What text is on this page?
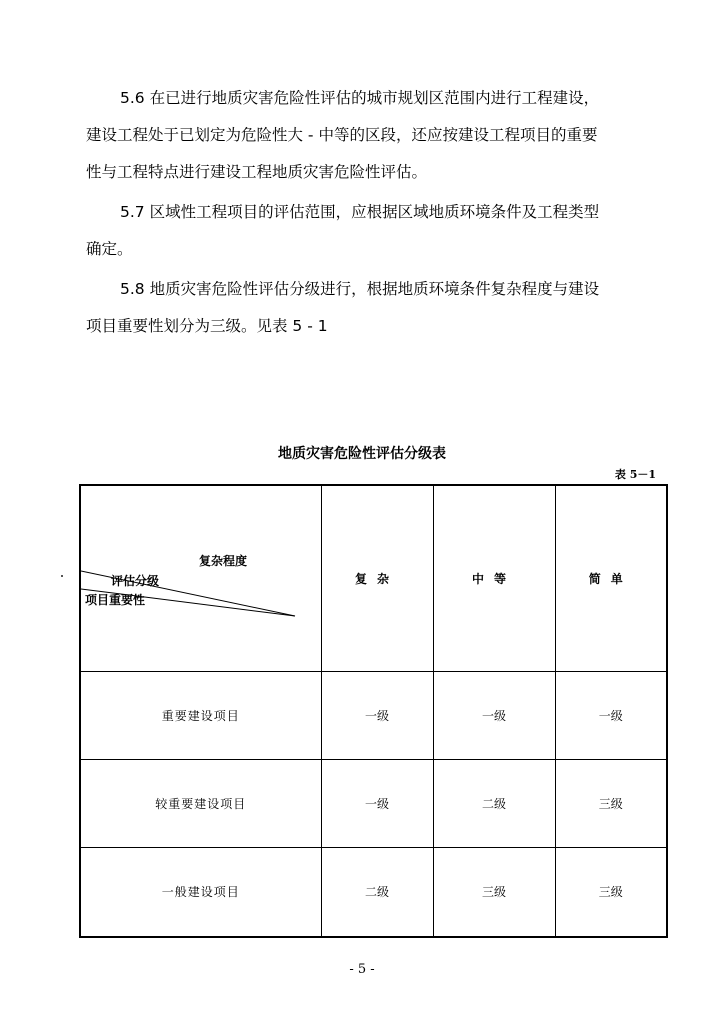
5.6 在已进行地质灾害危险性评估的城市规划区范围内进行工程建设，
建设工程处于已划定为危险性大 - 中等的区段，还应按建设工程项目的重要
性与工程特点进行建设工程地质灾害危险性评估。
5.7 区域性工程项目的评估范围，应根据区域地质环境条件及工程类型
确定。
5.8 地质灾害危险性评估分级进行，根据地质环境条件复杂程度与建设
项目重要性划分为三级。见表 5 - 1
地质灾害危险性评估分级表
表 5－1
复杂程度
评估分级
项目重要性	复杂	中等	简单
重要建设项目	一级	一级	一级
较重要建设项目	一级	二级	三级
一般建设项目	二级	三级	三级
- 5 -
